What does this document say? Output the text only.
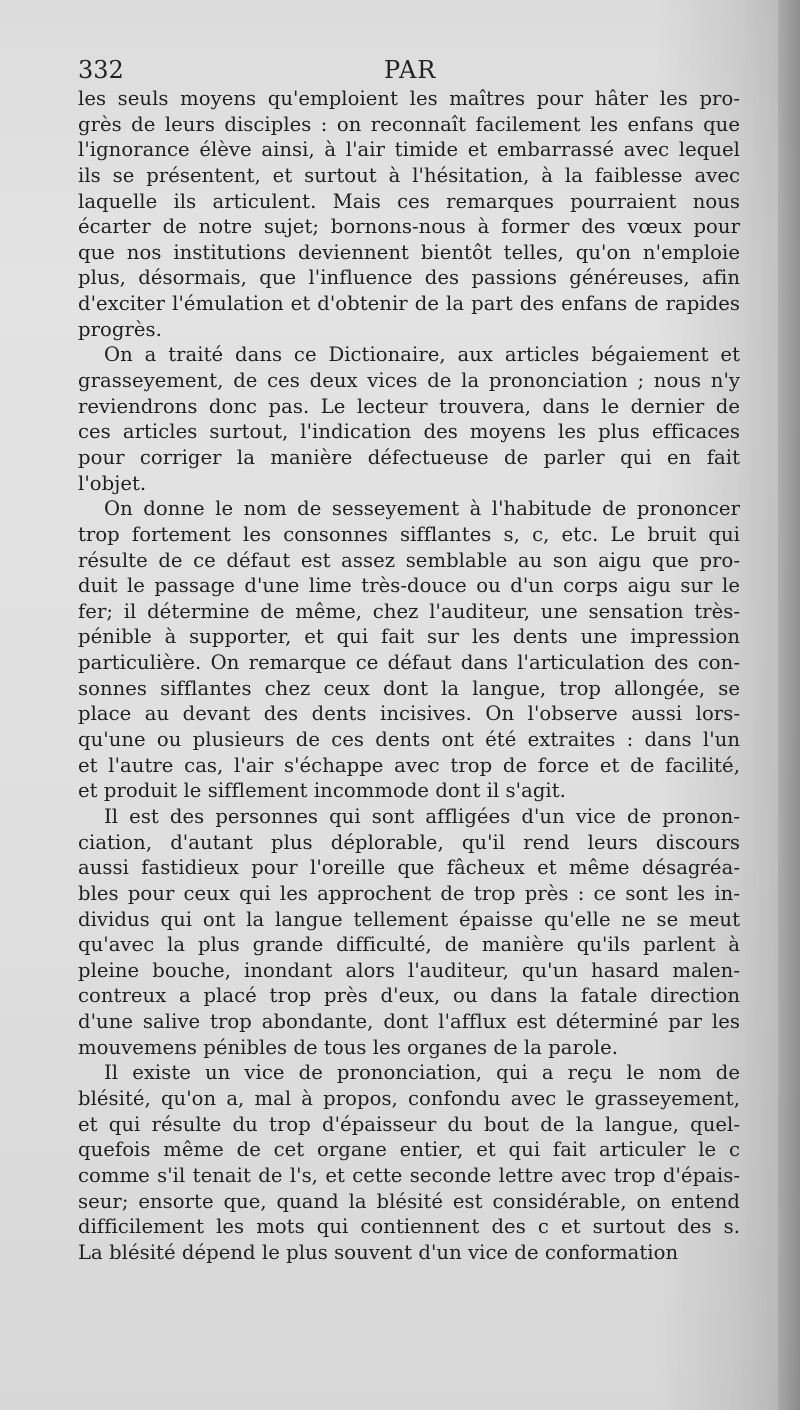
332	PAR
les seuls moyens qu'emploient les maîtres pour hâter les pro-
grès de leurs disciples : on reconnaît facilement les enfans que
l'ignorance élève ainsi, à l'air timide et embarrassé avec lequel
ils se présentent, et surtout à l'hésitation, à la faiblesse avec
laquelle ils articulent. Mais ces remarques pourraient nous
écarter de notre sujet; bornons-nous à former des vœux pour
que nos institutions deviennent bientôt telles, qu'on n'emploie
plus, désormais, que l'influence des passions généreuses, afin
d'exciter l'émulation et d'obtenir de la part des enfans de rapides
progrès.
On a traité dans ce Dictionaire, aux articles bégaiement et
grasseyement, de ces deux vices de la prononciation ; nous n'y
reviendrons donc pas. Le lecteur trouvera, dans le dernier de
ces articles surtout, l'indication des moyens les plus efficaces
pour corriger la manière défectueuse de parler qui en fait
l'objet.
On donne le nom de sesseyement à l'habitude de prononcer
trop fortement les consonnes sifflantes s, c, etc. Le bruit qui
résulte de ce défaut est assez semblable au son aigu que pro-
duit le passage d'une lime très-douce ou d'un corps aigu sur le
fer; il détermine de même, chez l'auditeur, une sensation très-
pénible à supporter, et qui fait sur les dents une impression
particulière. On remarque ce défaut dans l'articulation des con-
sonnes sifflantes chez ceux dont la langue, trop allongée, se
place au devant des dents incisives. On l'observe aussi lors-
qu'une ou plusieurs de ces dents ont été extraites : dans l'un
et l'autre cas, l'air s'échappe avec trop de force et de facilité,
et produit le sifflement incommode dont il s'agit.
Il est des personnes qui sont affligées d'un vice de pronon-
ciation, d'autant plus déplorable, qu'il rend leurs discours
aussi fastidieux pour l'oreille que fâcheux et même désagréa-
bles pour ceux qui les approchent de trop près : ce sont les in-
dividus qui ont la langue tellement épaisse qu'elle ne se meut
qu'avec la plus grande difficulté, de manière qu'ils parlent à
pleine bouche, inondant alors l'auditeur, qu'un hasard malen-
contreux a placé trop près d'eux, ou dans la fatale direction
d'une salive trop abondante, dont l'afflux est déterminé par les
mouvemens pénibles de tous les organes de la parole.
Il existe un vice de prononciation, qui a reçu le nom de
blésité, qu'on a, mal à propos, confondu avec le grasseyement,
et qui résulte du trop d'épaisseur du bout de la langue, quel-
quefois même de cet organe entier, et qui fait articuler le c
comme s'il tenait de l's, et cette seconde lettre avec trop d'épais-
seur; ensorte que, quand la blésité est considérable, on entend
difficilement les mots qui contiennent des c et surtout des s.
La blésité dépend le plus souvent d'un vice de conformation
